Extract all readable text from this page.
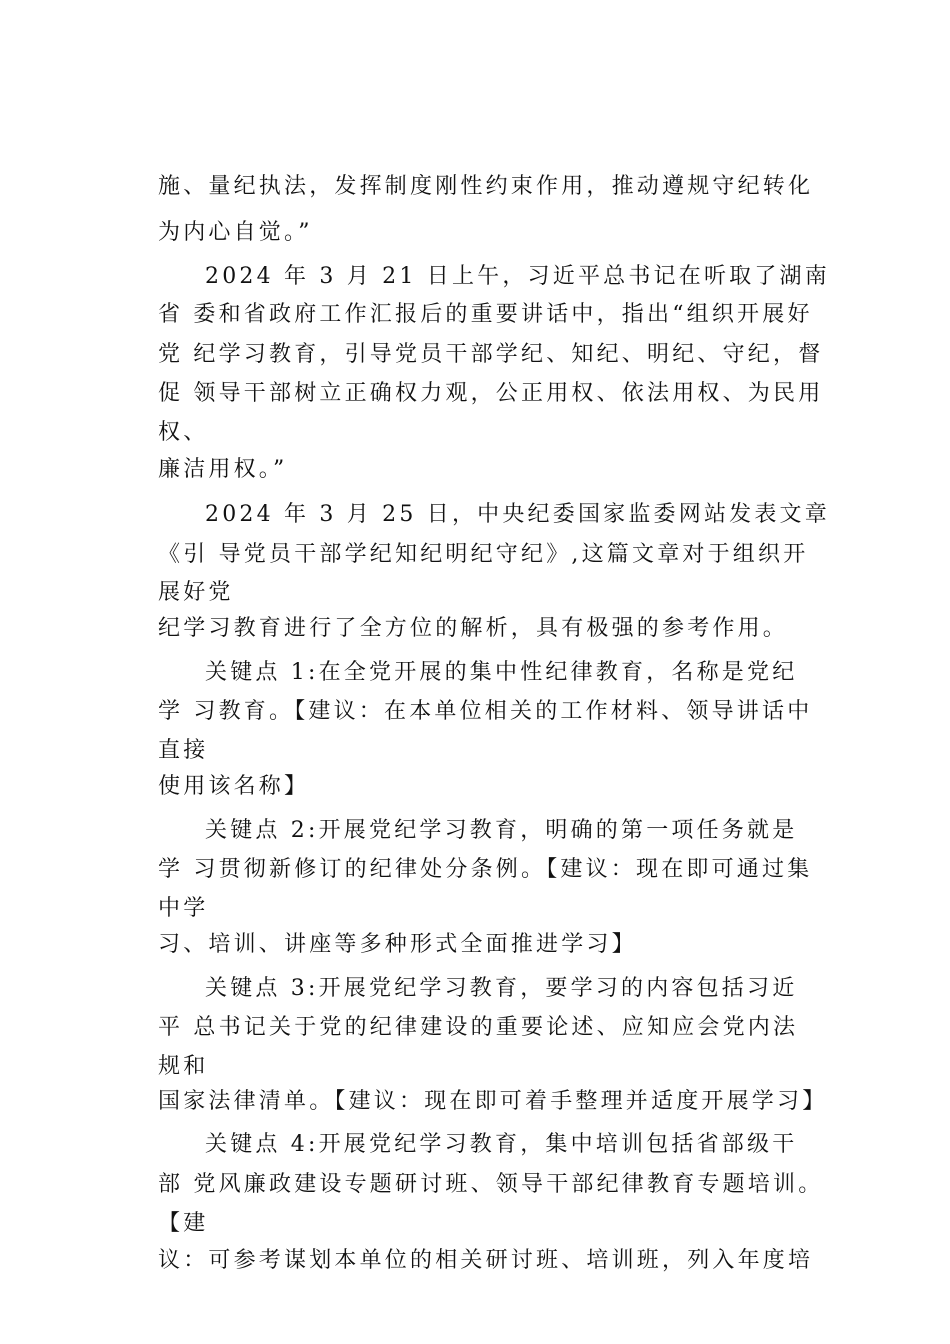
施、量纪执法，发挥制度刚性约束作用，推动遵规守纪转化
为内心自觉。”
2024 年 3 月 21 日上午，习近平总书记在听取了湖南
省 委和省政府工作汇报后的重要讲话中，指出“组织开展好
党 纪学习教育，引导党员干部学纪、知纪、明纪、守纪，督
促 领导干部树立正确权力观，公正用权、依法用权、为民用
权、
廉洁用权。”
2024 年 3 月 25 日，中央纪委国家监委网站发表文章
《引 导党员干部学纪知纪明纪守纪》,这篇文章对于组织开
展好党
纪学习教育进行了全方位的解析，具有极强的参考作用。
关键点 1:在全党开展的集中性纪律教育，名称是党纪
学 习教育。【建议：在本单位相关的工作材料、领导讲话中
直接
使用该名称】
关键点 2:开展党纪学习教育，明确的第一项任务就是
学 习贯彻新修订的纪律处分条例。【建议：现在即可通过集
中学
习、培训、讲座等多种形式全面推进学习】
关键点 3:开展党纪学习教育，要学习的内容包括习近
平 总书记关于党的纪律建设的重要论述、应知应会党内法
规和
国家法律清单。【建议：现在即可着手整理并适度开展学习】
关键点 4:开展党纪学习教育，集中培训包括省部级干
部 党风廉政建设专题研讨班、领导干部纪律教育专题培训。
【建
议：可参考谋划本单位的相关研讨班、培训班，列入年度培
